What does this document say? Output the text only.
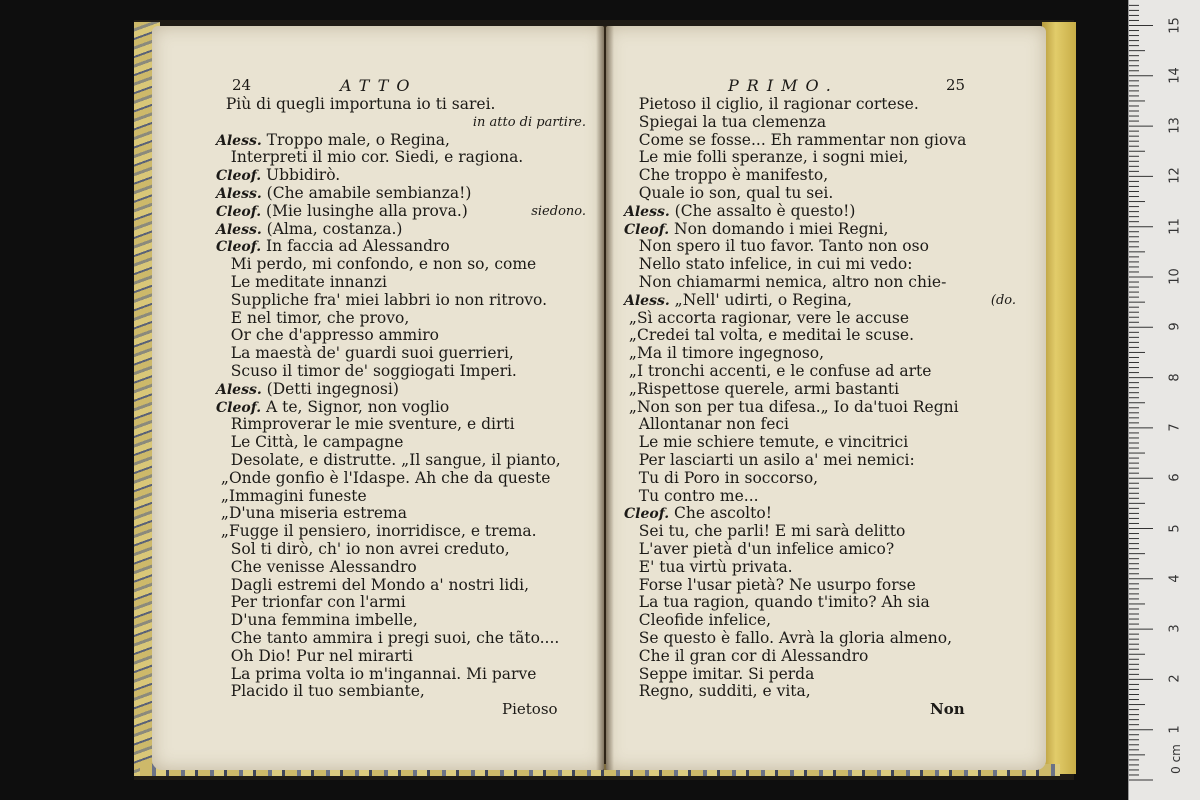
24	ATTO	PRIMO.	25
Più di quegli importuna io ti sarei.
in atto di partire.
Aless. Troppo male, o Regina,
Interpreti il mio cor. Siedi, e ragiona.
Cleof. Ubbidirò.
Aless. (Che amabile sembianza!)
Cleof. (Mie lusinghe alla prova.)	siedono.
Aless. (Alma, costanza.)
Cleof. In faccia ad Alessandro
Mi perdo, mi confondo, e non so, come
Le meditate innanzi
Suppliche fra' miei labbri io non ritrovo.
E nel timor, che provo,
Or che d'appresso ammiro
La maestà de' guardi suoi guerrieri,
Scuso il timor de' soggiogati Imperi.
Aless. (Detti ingegnosi)
Cleof. A te, Signor, non voglio
Rimproverar le mie sventure, e dirti
Le Città, le campagne
Desolate, e distrutte. „Il sangue, il pianto,
„Onde gonfio è l'Idaspe. Ah che da queste
„Immagini funeste
„D'una miseria estrema
„Fugge il pensiero, inorridisce, e trema.
Sol ti dirò, ch' io non avrei creduto,
Che venisse Alessandro
Dagli estremi del Mondo a' nostri lidi,
Per trionfar con l'armi
D'una femmina imbelle,
Che tanto ammira i pregi suoi, che tãto....
Oh Dio! Pur nel mirarti
La prima volta io m'ingannai. Mi parve
Placido il tuo sembiante,
Pietoso il ciglio, il ragionar cortese.
Spiegai la tua clemenza
Come se fosse... Eh rammentar non giova
Le mie folli speranze, i sogni miei,
Che troppo è manifesto,
Quale io son, qual tu sei.
Aless. (Che assalto è questo!)
Cleof. Non domando i miei Regni,
Non spero il tuo favor. Tanto non oso
Nello stato infelice, in cui mi vedo:
Non chiamarmi nemica, altro non chie-
Aless. „Nell' udirti, o Regina,	(do.
„Sì accorta ragionar, vere le accuse
„Credei tal volta, e meditai le scuse.
„Ma il timore ingegnoso,
„I tronchi accenti, e le confuse ad arte
„Rispettose querele, armi bastanti
„Non son per tua difesa.„ Io da'tuoi Regni
Allontanar non feci
Le mie schiere temute, e vincitrici
Per lasciarti un asilo a' mei nemici:
Tu di Poro in soccorso,
Tu contro me...
Cleof. Che ascolto!
Sei tu, che parli! E mi sarà delitto
L'aver pietà d'un infelice amico?
E' tua virtù privata.
Forse l'usar pietà? Ne usurpo forse
La tua ragion, quando t'imito? Ah sia
Cleofide infelice,
Se questo è fallo. Avrà la gloria almeno,
Che il gran cor di Alessandro
Seppe imitar. Si perda
Regno, sudditi, e vita,
Pietoso	Non
15
14
13
12
11
10
9
8
7
6
5
4
3
2
1
0 cm
